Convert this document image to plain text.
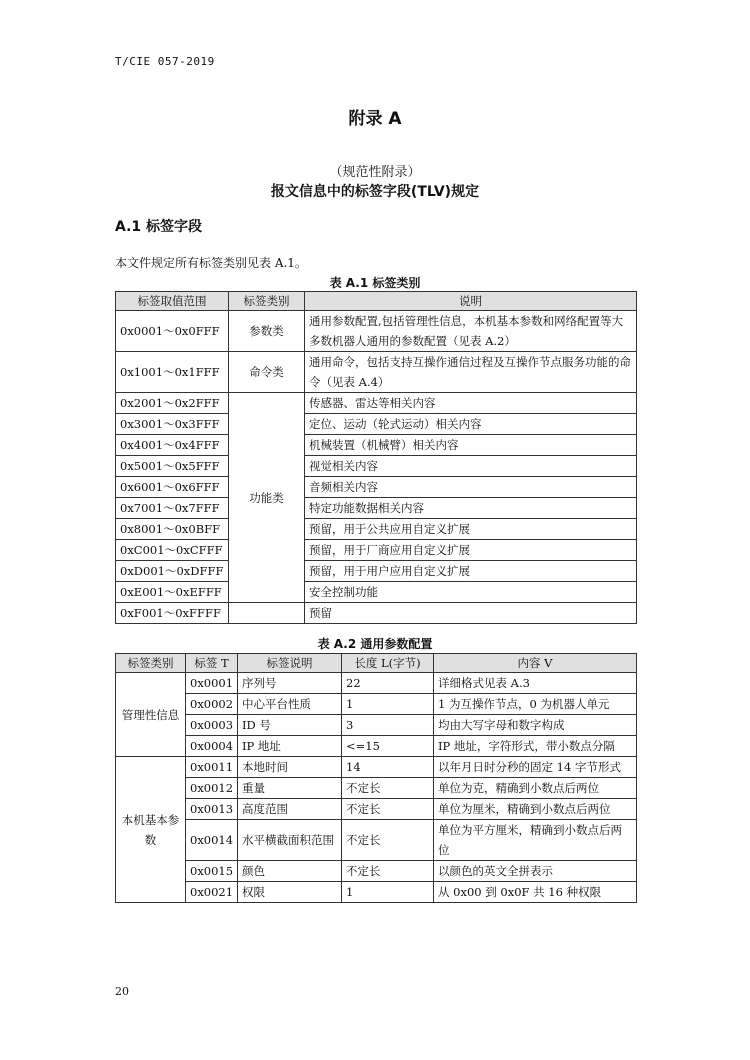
T/CIE 057-2019
附录 A
（规范性附录）
报文信息中的标签字段(TLV)规定
A.1 标签字段
本文件规定所有标签类别见表 A.1。
表 A.1 标签类别
标签取值范围	标签类别	说明
0x0001～0x0FFF	参数类	通用参数配置,包括管理性信息，本机基本参数和网络配置等大多数机器人通用的参数配置（见表 A.2）
0x1001～0x1FFF	命令类	通用命令，包括支持互操作通信过程及互操作节点服务功能的命令（见表 A.4）
0x2001～0x2FFF	功能类	传感器、雷达等相关内容
0x3001～0x3FFF		定位、运动（轮式运动）相关内容
0x4001～0x4FFF		机械装置（机械臂）相关内容
0x5001～0x5FFF		视觉相关内容
0x6001～0x6FFF		音频相关内容
0x7001～0x7FFF		特定功能数据相关内容
0x8001～0x0BFF		预留，用于公共应用自定义扩展
0xC001～0xCFFF		预留，用于厂商应用自定义扩展
0xD001～0xDFFF		预留，用于用户应用自定义扩展
0xE001～0xEFFF		安全控制功能
0xF001～0xFFFF		预留
表 A.2 通用参数配置
标签类别	标签 T	标签说明	长度 L(字节)	内容 V
管理性信息	0x0001	序列号	22	详细格式见表 A.3
	0x0002	中心平台性质	1	1 为互操作节点，0 为机器人单元
	0x0003	ID 号	3	均由大写字母和数字构成
	0x0004	IP 地址	<=15	IP 地址，字符形式，带小数点分隔
本机基本参数	0x0011	本地时间	14	以年月日时分秒的固定 14 字节形式
	0x0012	重量	不定长	单位为克，精确到小数点后两位
	0x0013	高度范围	不定长	单位为厘米，精确到小数点后两位
	0x0014	水平横截面积范围	不定长	单位为平方厘米，精确到小数点后两位
	0x0015	颜色	不定长	以颜色的英文全拼表示
	0x0021	权限	1	从 0x00 到 0x0F 共 16 种权限
20
